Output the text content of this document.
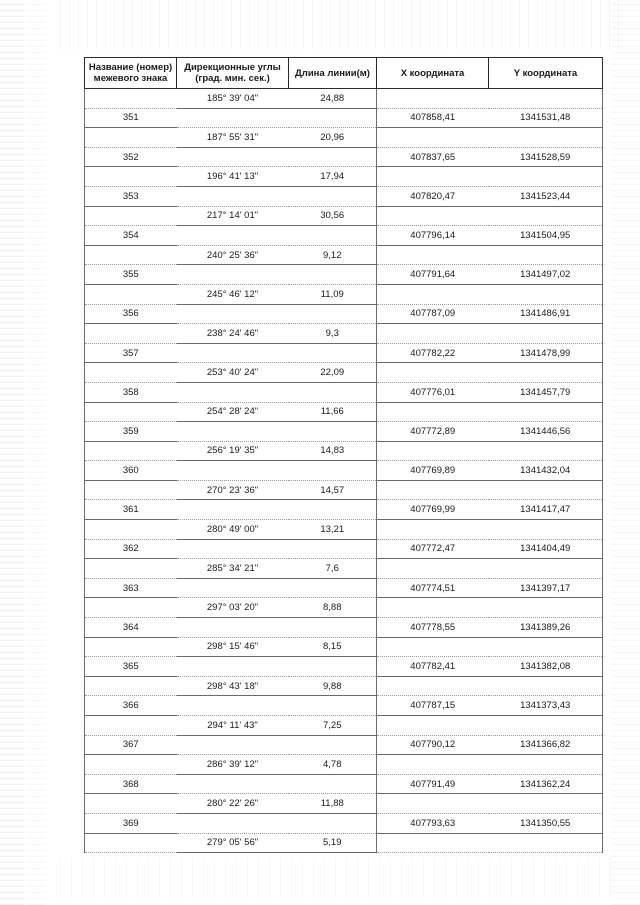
Название (номер) межевого знака	Дирекционные углы (град. мин. сек.)	Длина линии(м)	X координата	Y координата
	185° 39' 04"	24,88		
351			407858,41	1341531,48
	187° 55' 31"	20,96		
352			407837,65	1341528,59
	196° 41' 13"	17,94		
353			407820,47	1341523,44
	217° 14' 01"	30,56		
354			407796,14	1341504,95
	240° 25' 36"	9,12		
355			407791,64	1341497,02
	245° 46' 12"	11,09		
356			407787,09	1341486,91
	238° 24' 46"	9,3		
357			407782,22	1341478,99
	253° 40' 24"	22,09		
358			407776,01	1341457,79
	254° 28' 24"	11,66		
359			407772,89	1341446,56
	256° 19' 35"	14,83		
360			407769,89	1341432,04
	270° 23' 36"	14,57		
361			407769,99	1341417,47
	280° 49' 00"	13,21		
362			407772,47	1341404,49
	285° 34' 21"	7,6		
363			407774,51	1341397,17
	297° 03' 20"	8,88		
364			407778,55	1341389,26
	298° 15' 46"	8,15		
365			407782,41	1341382,08
	298° 43' 18"	9,88		
366			407787,15	1341373,43
	294° 11' 43"	7,25		
367			407790,12	1341366,82
	286° 39' 12"	4,78		
368			407791,49	1341362,24
	280° 22' 26"	11,88		
369			407793,63	1341350,55
	279° 05' 56"	5,19		
